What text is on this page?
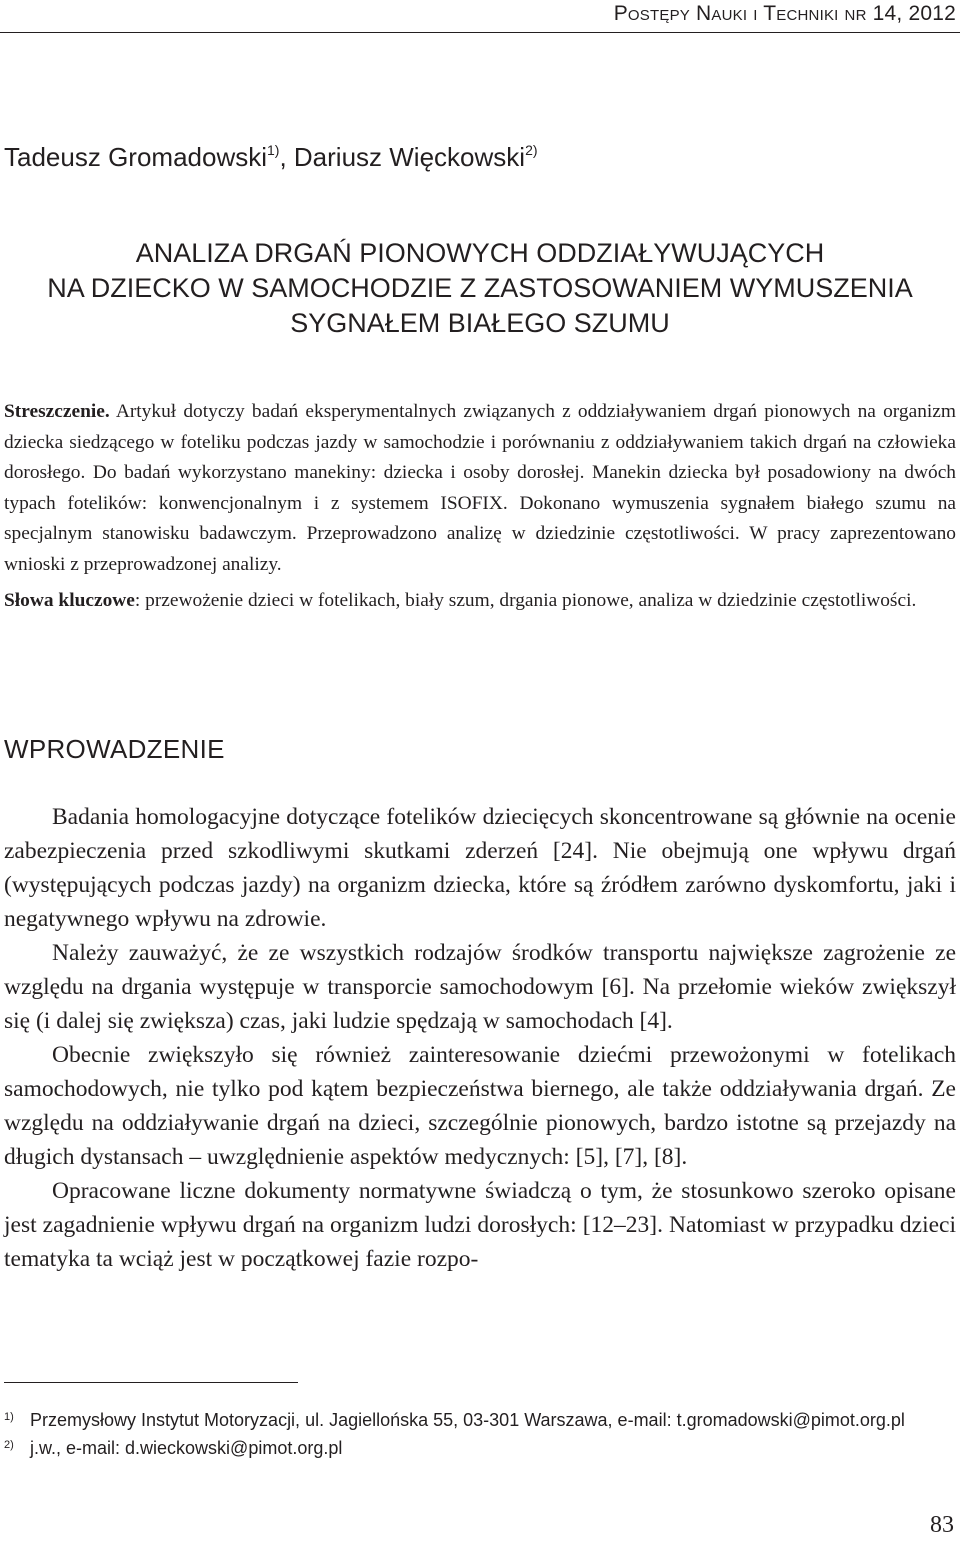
Postępy Nauki i Techniki nr 14, 2012
Tadeusz Gromadowski$^{1)}$, Dariusz Więckowski$^{2)}$
ANALIZA DRGAŃ PIONOWYCH ODDZIAŁYWUJĄCYCH
NA DZIECKO W SAMOCHODZIE Z ZASTOSOWANIEM WYMUSZENIA
SYGNAŁEM BIAŁEGO SZUMU

Streszczenie. Artykuł dotyczy badań eksperymentalnych związanych z oddziaływaniem drgań pionowych na organizm dziecka siedzącego w foteliku podczas jazdy w samochodzie i porównaniu z oddziaływaniem takich drgań na człowieka dorosłego. Do badań wykorzystano manekiny: dziecka i osoby dorosłej. Manekin dziecka był posadowiony na dwóch typach fotelików: konwencjonalnym i z systemem ISOFIX. Dokonano wymuszenia sygnałem białego szumu na specjalnym stanowisku badawczym. Przeprowadzono analizę w dziedzinie częstotliwości. W pracy zaprezentowano wnioski z przeprowadzonej analizy.

Słowa kluczowe: przewożenie dzieci w fotelikach, biały szum, drgania pionowe, analiza w dziedzinie częstotliwości.

WPROWADZENIE

Badania homologacyjne dotyczące fotelików dziecięcych skoncentrowane są głównie na ocenie zabezpieczenia przed szkodliwymi skutkami zderzeń [24]. Nie obejmują one wpływu drgań (występujących podczas jazdy) na organizm dziecka, które są źródłem zarówno dyskomfortu, jaki i negatywnego wpływu na zdrowie.

Należy zauważyć, że ze wszystkich rodzajów środków transportu największe zagrożenie ze względu na drgania występuje w transporcie samochodowym [6]. Na przełomie wieków zwiększył się (i dalej się zwiększa) czas, jaki ludzie spędzają w samochodach [4].

Obecnie zwiększyło się również zainteresowanie dziećmi przewożonymi w fotelikach samochodowych, nie tylko pod kątem bezpieczeństwa biernego, ale także oddziaływania drgań. Ze względu na oddziaływanie drgań na dzieci, szczególnie pionowych, bardzo istotne są przejazdy na długich dystansach – uwzględnienie aspektów medycznych: [5], [7], [8].

Opracowane liczne dokumenty normatywne świadczą o tym, że stosunkowo szeroko opisane jest zagadnienie wpływu drgań na organizm ludzi dorosłych: [12–23]. Natomiast w przypadku dzieci tematyka ta wciąż jest w początkowej fazie rozpo-

1) Przemysłowy Instytut Motoryzacji, ul. Jagiellońska 55, 03-301 Warszawa, e-mail: t.gromadowski@pimot.org.pl
2) j.w., e-mail: d.wieckowski@pimot.org.pl
83
